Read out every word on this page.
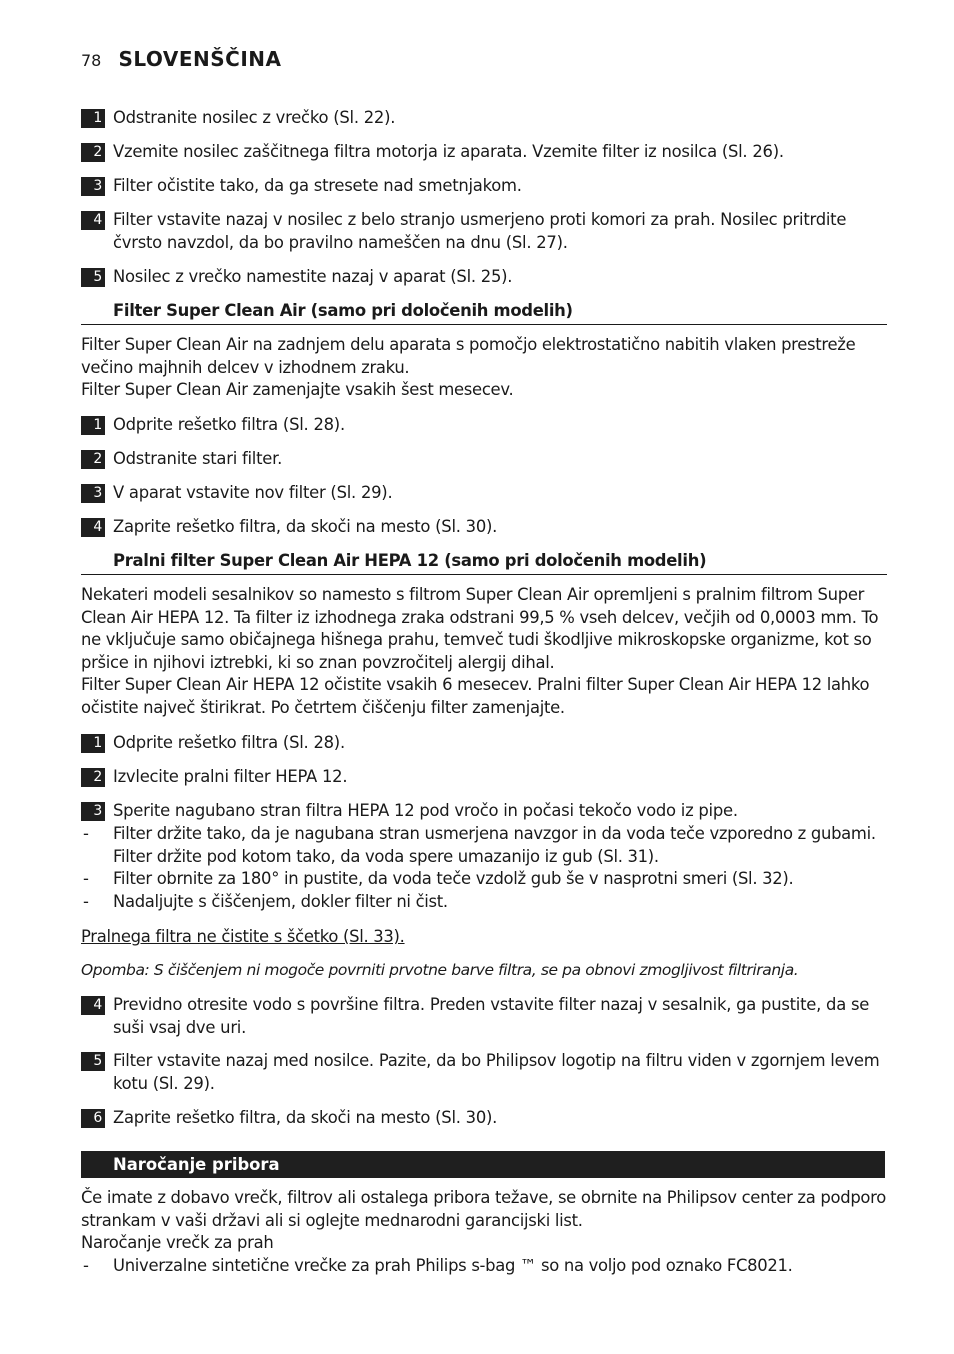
78 SLOVENŠČINA
1 Odstranite nosilec z vrečko (Sl. 22).
2 Vzemite nosilec zaščitnega filtra motorja iz aparata. Vzemite filter iz nosilca (Sl. 26).
3 Filter očistite tako, da ga stresete nad smetnjakom.
4 Filter vstavite nazaj v nosilec z belo stranjo usmerjeno proti komori za prah. Nosilec pritrdite čvrsto navzdol, da bo pravilno nameščen na dnu (Sl. 27).
5 Nosilec z vrečko namestite nazaj v aparat (Sl. 25).
Filter Super Clean Air (samo pri določenih modelih)

Filter Super Clean Air na zadnjem delu aparata s pomočjo elektrostatično nabitih vlaken prestreže večino majhnih delcev v izhodnem zraku.

Filter Super Clean Air zamenjajte vsakih šest mesecev.

1 Odprite rešetko filtra (Sl. 28).
2 Odstranite stari filter.
3 V aparat vstavite nov filter (Sl. 29).
4 Zaprite rešetko filtra, da skoči na mesto (Sl. 30).
Pralni filter Super Clean Air HEPA 12 (samo pri določenih modelih)

Nekateri modeli sesalnikov so namesto s filtrom Super Clean Air opremljeni s pralnim filtrom Super Clean Air HEPA 12. Ta filter iz izhodnega zraka odstrani 99,5 % vseh delcev, večjih od 0,0003 mm. To ne vključuje samo običajnega hišnega prahu, temveč tudi škodljive mikroskopske organizme, kot so pršice in njihovi iztrebki, ki so znan povzročitelj alergij dihal.

Filter Super Clean Air HEPA 12 očistite vsakih 6 mesecev. Pralni filter Super Clean Air HEPA 12 lahko očistite največ štirikrat. Po četrtem čiščenju filter zamenjajte.

1 Odprite rešetko filtra (Sl. 28).
2 Izvlecite pralni filter HEPA 12.
3 Sperite nagubano stran filtra HEPA 12 pod vročo in počasi tekočo vodo iz pipe.
- Filter držite tako, da je nagubana stran usmerjena navzgor in da voda teče vzporedno z gubami. Filter držite pod kotom tako, da voda spere umazanijo iz gub (Sl. 31).
- Filter obrnite za 180° in pustite, da voda teče vzdolž gub še v nasprotni smeri (Sl. 32).
- Nadaljujte s čiščenjem, dokler filter ni čist.
Pralnega filtra ne čistite s ščetko (Sl. 33).
Opomba: S čiščenjem ni mogoče povrniti prvotne barve filtra, se pa obnovi zmogljivost filtriranja.
4 Previdno otresite vodo s površine filtra. Preden vstavite filter nazaj v sesalnik, ga pustite, da se suši vsaj dve uri.
5 Filter vstavite nazaj med nosilce. Pazite, da bo Philipsov logotip na filtru viden v zgornjem levem kotu (Sl. 29).
6 Zaprite rešetko filtra, da skoči na mesto (Sl. 30).
Naročanje pribora

Če imate z dobavo vrečk, filtrov ali ostalega pribora težave, se obrnite na Philipsov center za podporo strankam v vaši državi ali si oglejte mednarodni garancijski list.

Naročanje vrečk za prah

- Univerzalne sintetične vrečke za prah Philips s-bag ™ so na voljo pod oznako FC8021.
